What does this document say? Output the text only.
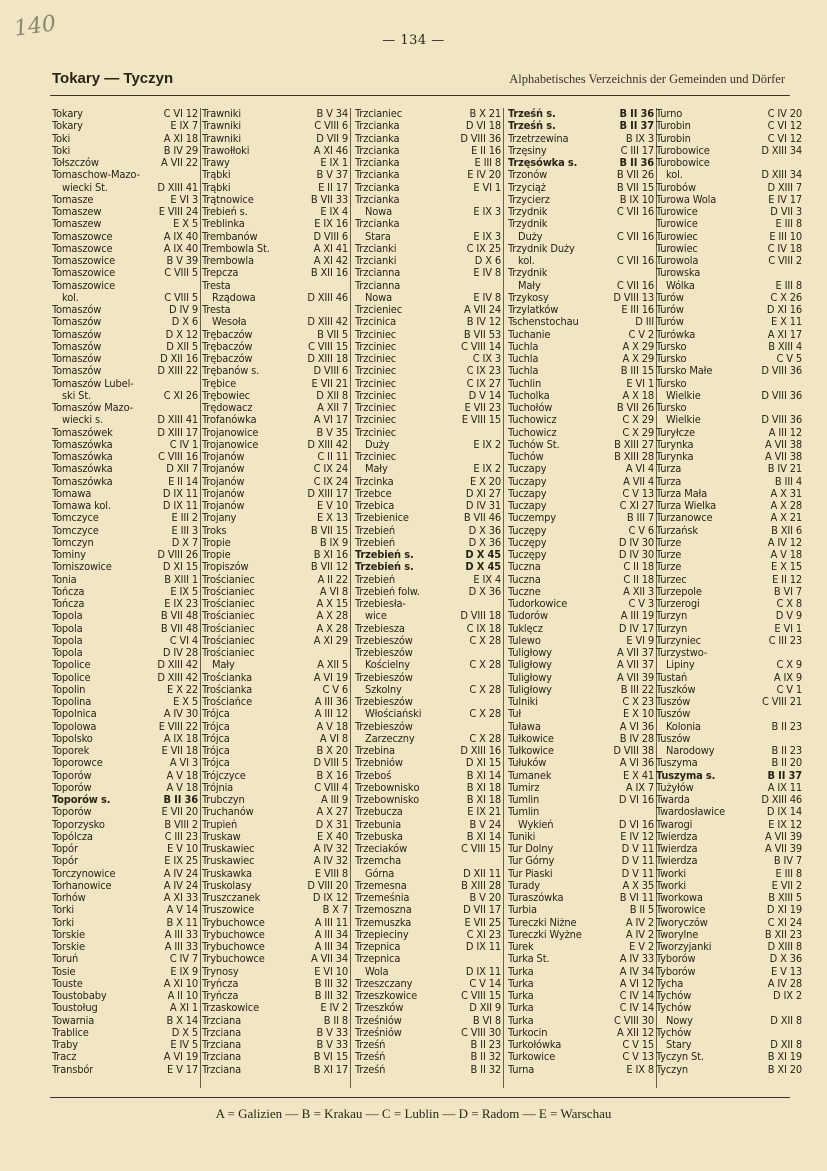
140	— 134 —
Tokary — Tyczyn	Alphabetisches Verzeichnis der Gemeinden und Dörfer
Tokary	C VI 12
Tokary	E IX 7
Toki	A XI 18
Toki	B IV 29
Tołszczów	A VII 22
Tomaschow-Mazo-
wiecki St.	D XIII 41
Tomasze	E VI 3
Tomaszew	E VIII 24
Tomaszew	E X 5
Tomaszowce	A IX 40
Tomaszowce	A IX 40
Tomaszowice	B V 39
Tomaszowice	C VIII 5
Tomaszowice
kol.	C VIII 5
Tomaszów	D IV 9
Tomaszów	D X 6
Tomaszów	D X 12
Tomaszów	D XII 5
Tomaszów	D XII 16
Tomaszów	D XIII 22
Tomaszów Lubel-
ski St.	C XI 26
Tomaszów Mazo-
wiecki s.	D XIII 41
Tomaszówek	D XIII 17
Tomaszówka	C IV 1
Tomaszówka	C VIII 16
Tomaszówka	D XII 7
Tomaszówka	E II 14
Tomawa	D IX 11
Tomawa kol.	D IX 11
Tomczyce	E III 2
Tomczyce	E III 3
Tomczyn	D X 7
Tominy	D VIII 26
Tomiszowice	D XI 15
Tonia	B XIII 1
Tończa	E IX 5
Tończa	E IX 23
Topola	B VII 48
Topola	B VII 48
Topola	C VI 4
Topola	D IV 28
Topolice	D XIII 42
Topolice	D XIII 42
Topolin	E X 22
Topolina	E X 5
Topolnica	A IV 30
Topolowa	E VIII 22
Topolsko	A IX 18
Toporek	E VII 18
Toporowce	A VI 3
Toporów	A V 18
Toporów	A V 18
Toporów s.	B II 36
Toporów	E VII 20
Toporzysko	B VIII 2
Topólcza	C III 23
Topór	E V 10
Topór	E IX 25
Torczynowice	A IV 24
Torhanowice	A IV 24
Torhów	A XI 33
Torki	A V 14
Torki	B X 11
Torskie	A III 33
Torskie	A III 33
Toruń	C IV 7
Tosie	E IX 9
Touste	A XI 10
Toustobaby	A II 10
Toustoług	A XI 1
Towarnia	B X 14
Trablice	D X 5
Traby	E IV 5
Tracz	A VI 19
Transbór	E V 17
Trawniki	B V 34
Trawniki	C VIII 6
Trawniki	D VII 9
Trawołłoki	A XI 46
Trawy	E IX 1
Trąbki	B V 37
Trąbki	E II 17
Trątnowice	B VII 33
Trebień s.	E IX 4
Treblinka	E IX 16
Trembanów	D VIII 6
Trembowla St.	A XI 41
Trembowla	A XI 42
Trepcza	B XII 16
Tresta
Rządowa	D XIII 46
Tresta
Wesoła	D XIII 42
Trębaczów	B VII 5
Trębaczów	C VIII 15
Trębaczów	D XIII 18
Trębanów s.	D VIII 6
Trębice	E VII 21
Trębowiec	D XII 8
Trędowacz	A XII 7
Trofanówka	A VI 17
Trojanowice	B V 35
Trojanowice	D XIII 42
Trojanów	C II 11
Trojanów	C IX 24
Trojanów	C IX 24
Trojanów	D XIII 17
Trojanów	E V 10
Trojany	E X 13
Troks	B VII 15
Tropie	B IX 9
Tropie	B XI 16
Tropiszów	B VII 12
Trościaniec	A II 22
Trościaniec	A VI 8
Trościaniec	A X 15
Trościaniec	A X 28
Trościaniec	A X 28
Trościaniec	A XI 29
Trościaniec
Mały	A XII 5
Trościanka	A VI 19
Trościanka	C V 6
Trościańce	A III 36
Trójca	A III 12
Trójca	A V 18
Trójca	A VI 8
Trójca	B X 20
Trójca	D VIII 5
Trójczyce	B X 16
Trójnia	C VIII 4
Trubczyn	A III 9
Truchanów	A X 27
Trupień	D X 31
Truskaw	E X 40
Truskawiec	A IV 32
Truskawiec	A IV 32
Truskawka	E VIII 8
Truskolasy	D VIII 20
Truszczanek	D IX 12
Truszowice	B X 7
Trybuchowce	A III 11
Trybuchowce	A III 34
Trybuchowce	A III 34
Trybuchowce	A VII 34
Trynosy	E VI 10
Tryńcza	B III 32
Tryńcza	B III 32
Trzaskowice	E IV 2
Trzciana	B II 8
Trzciana	B V 33
Trzciana	B V 33
Trzciana	B VI 15
Trzciana	B XI 17
Trzcianiec	B X 21
Trzcianka	D VI 18
Trzcianka	D VIII 36
Trzcianka	E II 16
Trzcianka	E III 8
Trzcianka	E IV 20
Trzcianka	E VI 1
Trzcianka
Nowa	E IX 3
Trzcianka
Stara	E IX 3
Trzcianki	C IX 25
Trzcianki	D X 6
Trzcianna	E IV 8
Trzcianna
Nowa	E IV 8
Trzcieniec	A VII 24
Trzcinica	B IV 12
Trzciniec	B VII 53
Trzciniec	C VIII 14
Trzciniec	C IX 3
Trzciniec	C IX 23
Trzciniec	C IX 27
Trzciniec	D V 14
Trzciniec	E VII 23
Trzciniec	E VIII 15
Trzciniec
Duży	E IX 2
Trzciniec
Mały	E IX 2
Trzcinka	E X 20
Trzebce	D XI 27
Trzebica	D IV 31
Trzebienice	B VII 46
Trzebień	D X 36
Trzebień	D X 36
Trzebień s.	D X 45
Trzebień s.	D X 45
Trzebień	E IX 4
Trzebień folw.	D X 36
Trzebiesła-
wice	D VIII 18
Trzebiesza	C IX 18
Trzebieszów	C X 28
Trzebieszów
Kościelny	C X 28
Trzebieszów
Szkolny	C X 28
Trzebieszów
Włościański	C X 28
Trzebieszów
Zarzeczny	C X 28
Trzebina	D XIII 16
Trzebniów	D XI 15
Trzeboś	B XI 14
Trzebowniskо	B XI 18
Trzebownisko	B XI 18
Trzebucza	E IX 21
Trzebunia	B V 24
Trzebuska	B XI 14
Trzeciaków	C VIII 15
Trzemcha
Górna	D XII 11
Trzemesna	B XIII 28
Trzemeśnia	B V 20
Trzemoszna	D VII 17
Trzemuszka	E VII 25
Trzepieciny	C XI 23
Trzepnica	D IX 11
Trzepnica
Wola	D IX 11
Trzeszczany	C V 14
Trzeszkowice	C VIII 15
Trzeszków	D XII 9
Trześniów	B VI 8
Trześniów	C VIII 30
Trześń	B II 23
Trześń	B II 32
Trześń	B II 32
Trześń s.	B II 36
Trześń s.	B II 37
Trzetrzewina	B IX 3
Trzęsiny	C III 17
Trzęsówka s.	B II 36
Trzonów	B VII 26
Trzyciąż	B VII 15
Trzycierz	B IX 10
Trzydnik	C VII 16
Trzydnik
Duży	C VII 16
Trzydnik Duży
kol.	C VII 16
Trzydnik
Mały	C VII 16
Trzykosy	D VIII 13
Trzylatków	E III 16
Tschenstochau	D III
Tuchanie	C V 2
Tuchla	A X 29
Tuchla	A X 29
Tuchla	B III 15
Tuchlin	E VI 1
Tucholka	A X 18
Tuchołów	B VII 26
Tuchowicz	C X 29
Tuchowicz	C X 29
Tuchów St.	B XIII 27
Tuchów	B XIII 28
Tuczapy	A VI 4
Tuczapy	A VII 4
Tuczapy	C V 13
Tuczapy	C XI 27
Tuczempy	B III 7
Tuczępy	C V 6
Tuczępy	D IV 30
Tuczępy	D IV 30
Tuczna	C II 18
Tuczna	C II 18
Tuczne	A XII 3
Tudorkowice	C V 3
Tudorów	A III 19
Tuklęcz	D IV 17
Tulewo	E VI 9
Tuligłowy	A VII 37
Tuligłowy	A VII 37
Tuligłowy	A VII 39
Tuligłowy	B III 22
Tulniki	C X 23
Tuł	E X 10
Tuława	A VI 36
Tułkowice	B IV 28
Tułkowice	D VIII 38
Tułuków	A VI 36
Tumanek	E X 41
Tumirz	A IX 7
Tumlin	D VI 16
Tumlin
Wykień	D VI 16
Tuniki	E IV 12
Tur Dolny	D V 11
Tur Górny	D V 11
Tur Piaski	D V 11
Turady	A X 35
Turaszówka	B VI 11
Turbia	B II 5
Tureczki Niżne	A IV 2
Tureczki Wyżne	A IV 2
Turek	E V 2
Turka St.	A IV 33
Turka	A IV 34
Turka	A VI 12
Turka	C IV 14
Turka	C IV 14
Turka	C VIII 30
Turkocin	A XII 12
Turkołówka	C V 15
Turkowice	C V 13
Turna	E IX 8
Turno	C IV 20
Turobin	C VI 12
Turobin	C VI 12
Turobowice	D XIII 34
Turobowice
kol.	D XIII 34
Turobów	D XIII 7
Turowa Wola	E IV 17
Turowice	D VII 3
Turowice	E III 8
Turowiec	E III 10
Turowiec	C IV 18
Turowola	C VIII 2
Turowska
Wólka	E III 8
Turów	C X 26
Turów	D XI 16
Turów	E X 11
Turówka	A XI 17
Tursko	B XIII 4
Tursko	C V 5
Tursko Małe	D VIII 36
Tursko
Wielkie	D VIII 36
Tursko
Wielkie	D VIII 36
Turyłcze	A III 12
Turynka	A VII 38
Turynka	A VII 38
Turza	B IV 21
Turza	B III 4
Turza Mała	A X 31
Turza Wielka	A X 28
Turzanowce	A X 21
Turzańsk	B XII 6
Turze	A IV 12
Turze	A V 18
Turze	E X 15
Turzec	E II 12
Turzepole	B VI 7
Turzerogi	C X 8
Turzyn	D V 9
Turzyn	E VI 1
Turzyniec	C III 23
Turzystwo-
Lipiny	C X 9
Tustań	A IX 9
Tuszków	C V 1
Tuszów	C VIII 21
Tuszów
Kolonia	B II 23
Tuszów
Narodowy	B II 23
Tuszyma	B II 20
Tuszyma s.	B II 37
Tużyłów	A IX 11
Twarda	D XIII 46
Twardosławice	D IX 14
Twarogi	E IX 12
Twierdza	A VII 39
Twierdza	A VII 39
Twierdza	B IV 7
Tworki	E III 8
Tworki	E VII 2
Tworkowa	B XIII 5
Tworowice	D XI 19
Tworyczów	C XI 24
Tworylne	B XII 23
Tworzyjanki	D XIII 8
Tyborów	D X 36
Tyborów	E V 13
Tycha	A IV 28
Tychów	D IX 2
Tychów
Nowy	D XII 8
Tychów
Stary	D XII 8
Tyczyn St.	B XI 19
Tyczyn	B XI 20
A = Galizien — B = Krakau — C = Lublin — D = Radom — E = Warschau
